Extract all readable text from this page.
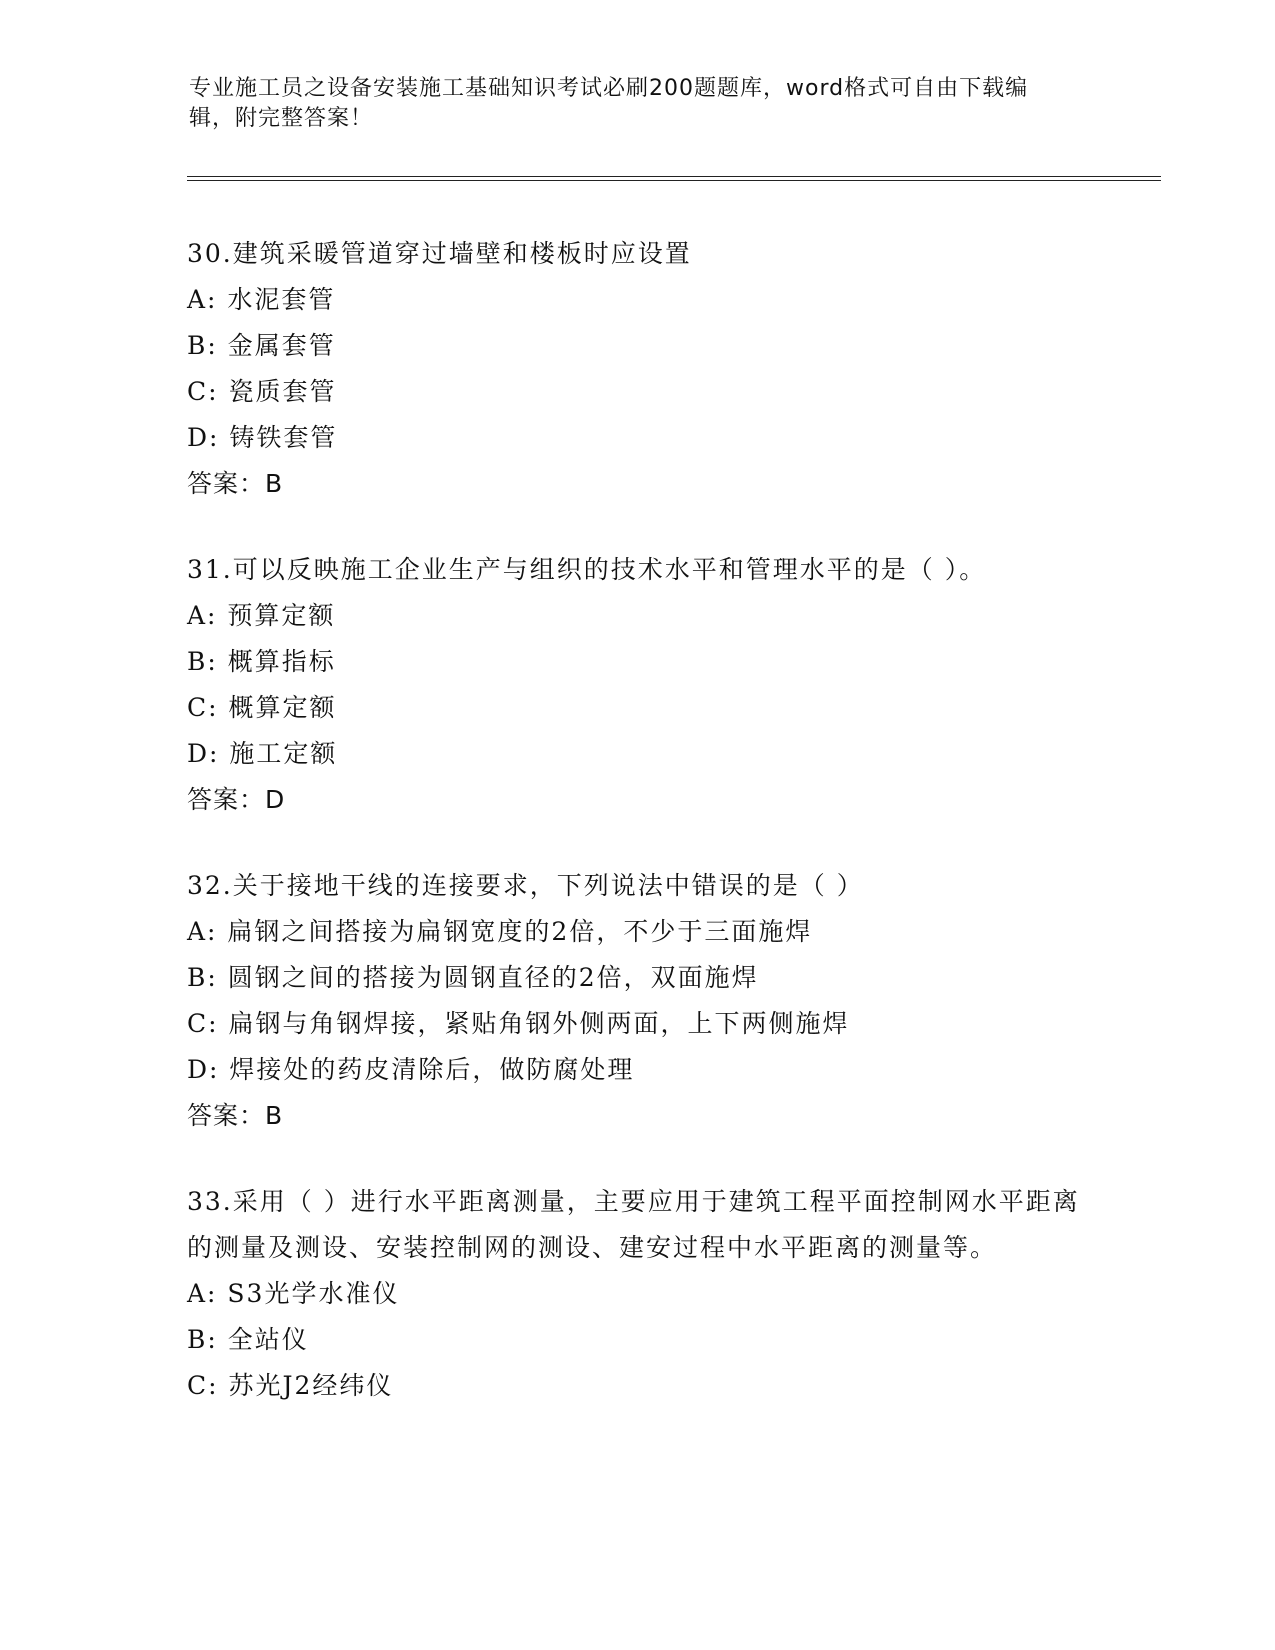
专业施工员之设备安装施工基础知识考试必刷200题题库，word格式可自由下载编辑，附完整答案！
30.建筑采暖管道穿过墙壁和楼板时应设置
A: 水泥套管
B: 金属套管
C: 瓷质套管
D: 铸铁套管
答案：B
31.可以反映施工企业生产与组织的技术水平和管理水平的是（ ）。
A: 预算定额
B: 概算指标
C: 概算定额
D: 施工定额
答案：D
32.关于接地干线的连接要求，下列说法中错误的是（ ）
A: 扁钢之间搭接为扁钢宽度的2倍，不少于三面施焊
B: 圆钢之间的搭接为圆钢直径的2倍，双面施焊
C: 扁钢与角钢焊接，紧贴角钢外侧两面，上下两侧施焊
D: 焊接处的药皮清除后，做防腐处理
答案：B
33.采用（ ）进行水平距离测量，主要应用于建筑工程平面控制网水平距离的测量及测设、安装控制网的测设、建安过程中水平距离的测量等。
A: S3光学水准仪
B: 全站仪
C: 苏光J2经纬仪
